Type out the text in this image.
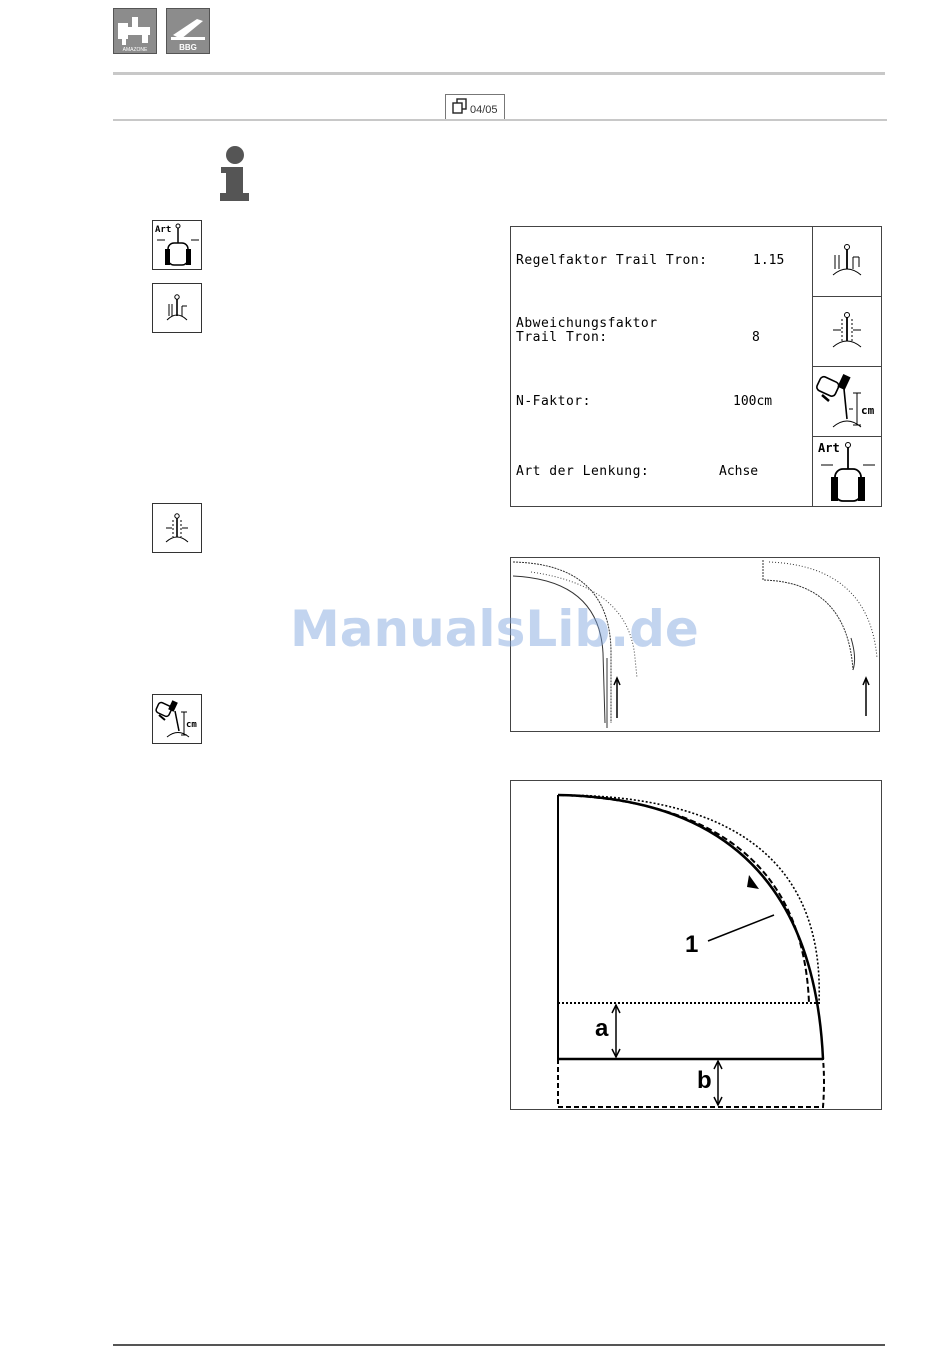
AMAZONE	BBG
04/05
Art
cm
Regelfaktor Trail Tron:	1.15
Abweichungsfaktor
Trail Tron:	8
N-Faktor:	100cm
Art der Lenkung:	Achse
cm
Art
ManualsLib.de
1
a
b
